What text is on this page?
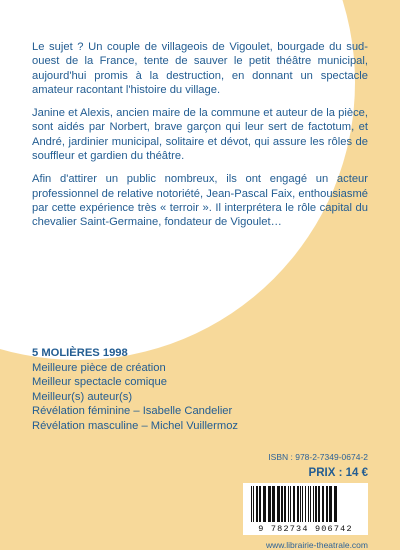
Le sujet ? Un couple de villageois de Vigoulet, bourgade du sud-ouest de la France, tente de sauver le petit théâtre municipal, aujourd'hui promis à la destruction, en donnant un spectacle amateur racontant l'histoire du village.

Janine et Alexis, ancien maire de la commune et auteur de la pièce, sont aidés par Norbert, brave garçon qui leur sert de factotum, et André, jardinier municipal, solitaire et dévot, qui assure les rôles de souffleur et gardien du théâtre.

Afin d'attirer un public nombreux, ils ont engagé un acteur professionnel de relative notoriété, Jean-Pascal Faix, enthousiasmé par cette expérience très « terroir ». Il interprétera le rôle capital du chevalier Saint-Germaine, fondateur de Vigoulet…

5 MOLIÈRES 1998
Meilleure pièce de création
Meilleur spectacle comique
Meilleur(s) auteur(s)
Révélation féminine – Isabelle Candelier
Révélation masculine – Michel Vuillermoz
ISBN : 978-2-7349-0674-2
PRIX : 14 €
9 782734 906742
www.librairie-theatrale.com
